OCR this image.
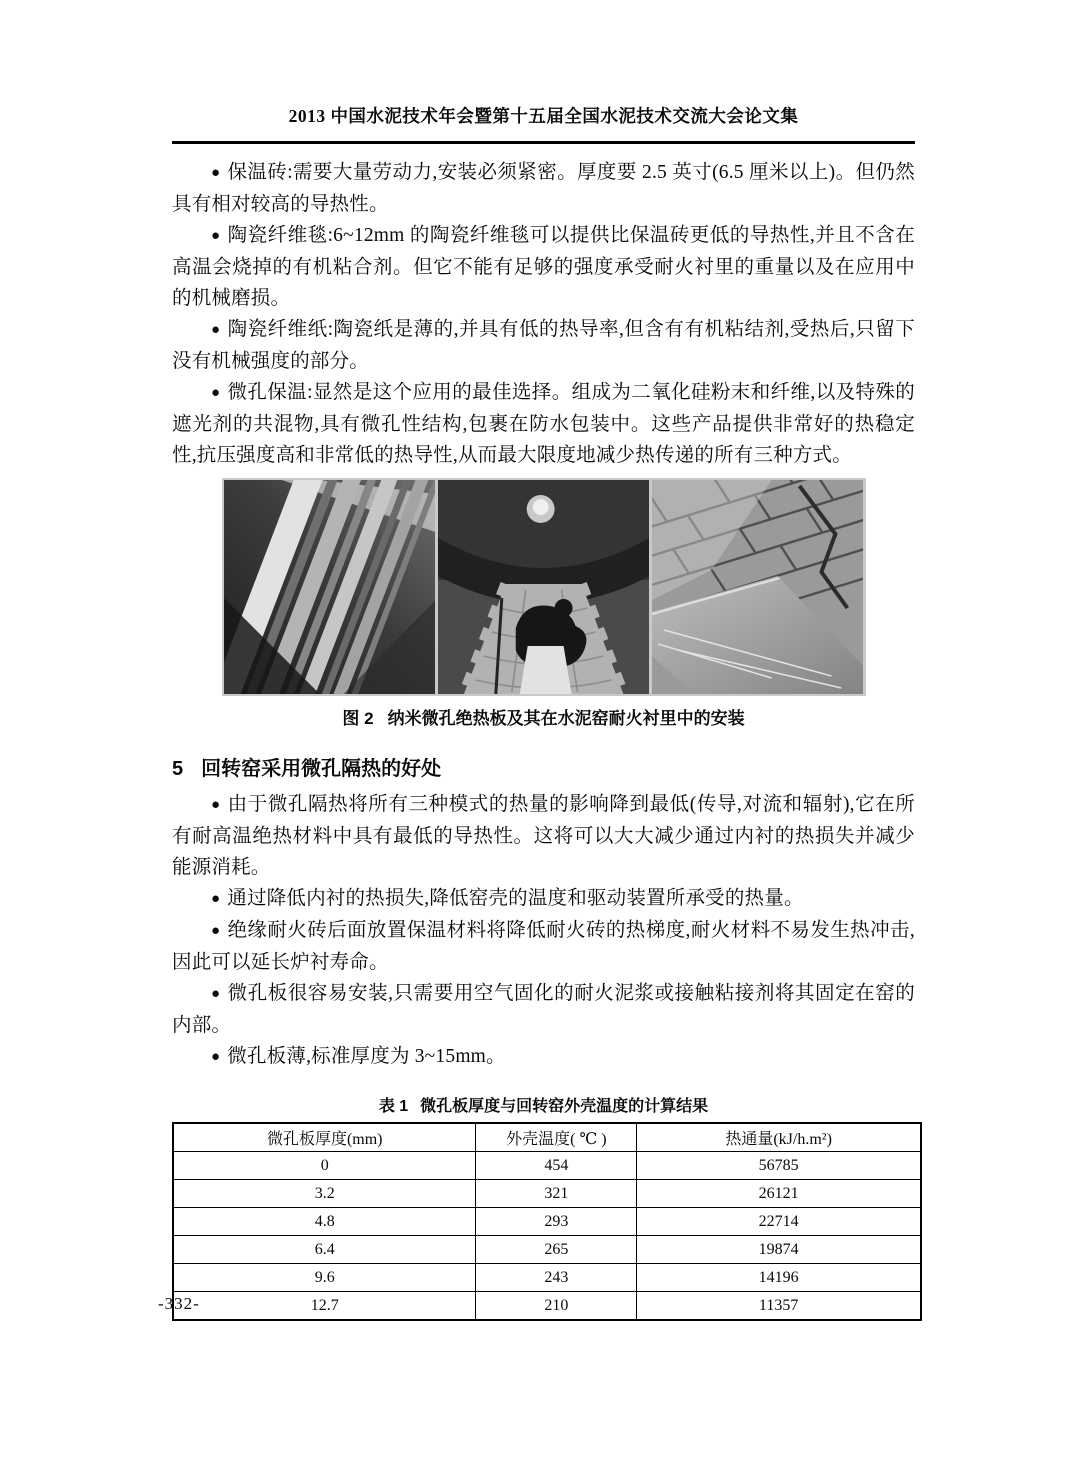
2013 中国水泥技术年会暨第十五届全国水泥技术交流大会论文集

● 保温砖:需要大量劳动力,安装必须紧密。厚度要 2.5 英寸(6.5 厘米以上)。但仍然具有相对较高的导热性。

● 陶瓷纤维毯:6~12mm 的陶瓷纤维毯可以提供比保温砖更低的导热性,并且不含在高温会烧掉的有机粘合剂。但它不能有足够的强度承受耐火衬里的重量以及在应用中的机械磨损。

● 陶瓷纤维纸:陶瓷纸是薄的,并具有低的热导率,但含有有机粘结剂,受热后,只留下没有机械强度的部分。

● 微孔保温:显然是这个应用的最佳选择。组成为二氧化硅粉末和纤维,以及特殊的遮光剂的共混物,具有微孔性结构,包裹在防水包装中。这些产品提供非常好的热稳定性,抗压强度高和非常低的热导性,从而最大限度地减少热传递的所有三种方式。

图 2 纳米微孔绝热板及其在水泥窑耐火衬里中的安装
5 回转窑采用微孔隔热的好处

● 由于微孔隔热将所有三种模式的热量的影响降到最低(传导,对流和辐射),它在所有耐高温绝热材料中具有最低的导热性。这将可以大大减少通过内衬的热损失并减少能源消耗。

● 通过降低内衬的热损失,降低窑壳的温度和驱动装置所承受的热量。

● 绝缘耐火砖后面放置保温材料将降低耐火砖的热梯度,耐火材料不易发生热冲击,因此可以延长炉衬寿命。

● 微孔板很容易安装,只需要用空气固化的耐火泥浆或接触粘接剂将其固定在窑的内部。

● 微孔板薄,标准厚度为 3~15mm。

表 1 微孔板厚度与回转窑外壳温度的计算结果
微孔板厚度(mm)	外壳温度( ℃ )	热通量(kJ/h.m²)
0	454	56785
3.2	321	26121
4.8	293	22714
6.4	265	19874
9.6	243	14196
12.7	210	11357
-332-
